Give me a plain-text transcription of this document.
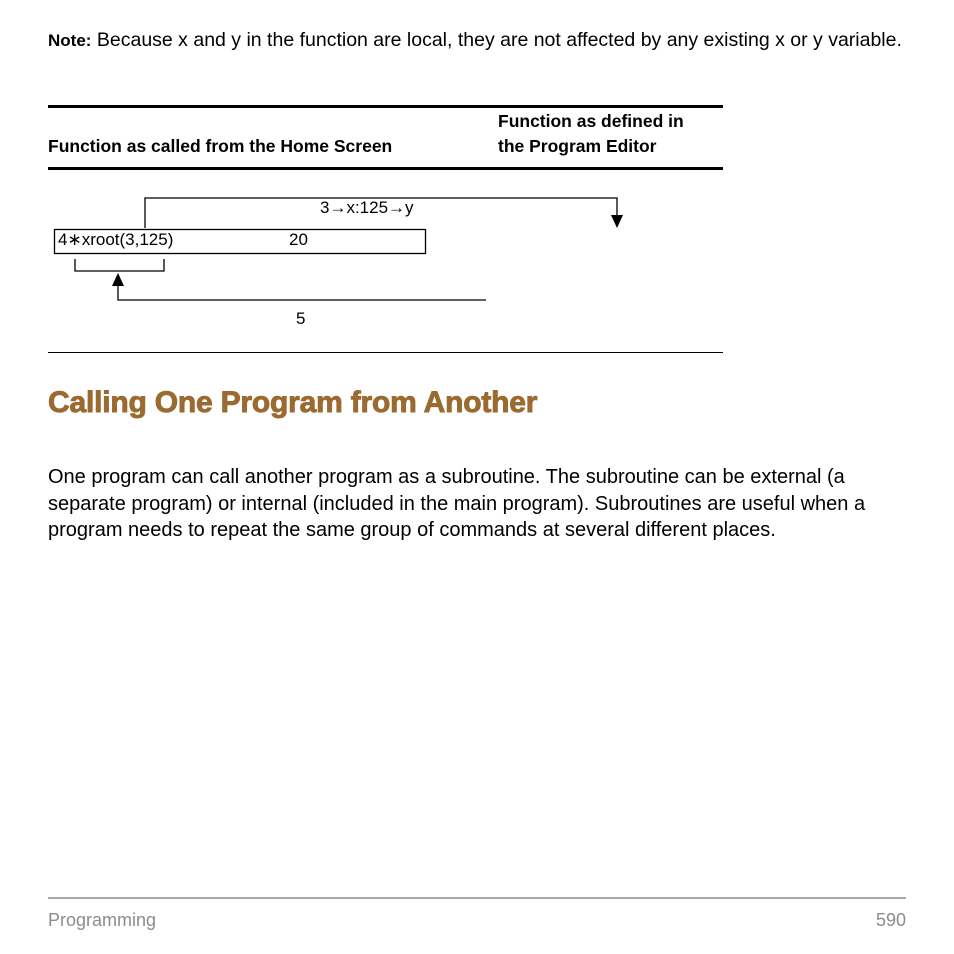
Note: Because x and y in the function are local, they are not affected by any existing x or y variable.
Function as called from the Home Screen
Function as defined in
the Program Editor
3→x:125→y
4∗xroot(3,125)	20
5
Calling One Program from Another
One program can call another program as a subroutine. The subroutine can be external (a separate program) or internal (included in the main program). Subroutines are useful when a program needs to repeat the same group of commands at several different places.
Programming	590
